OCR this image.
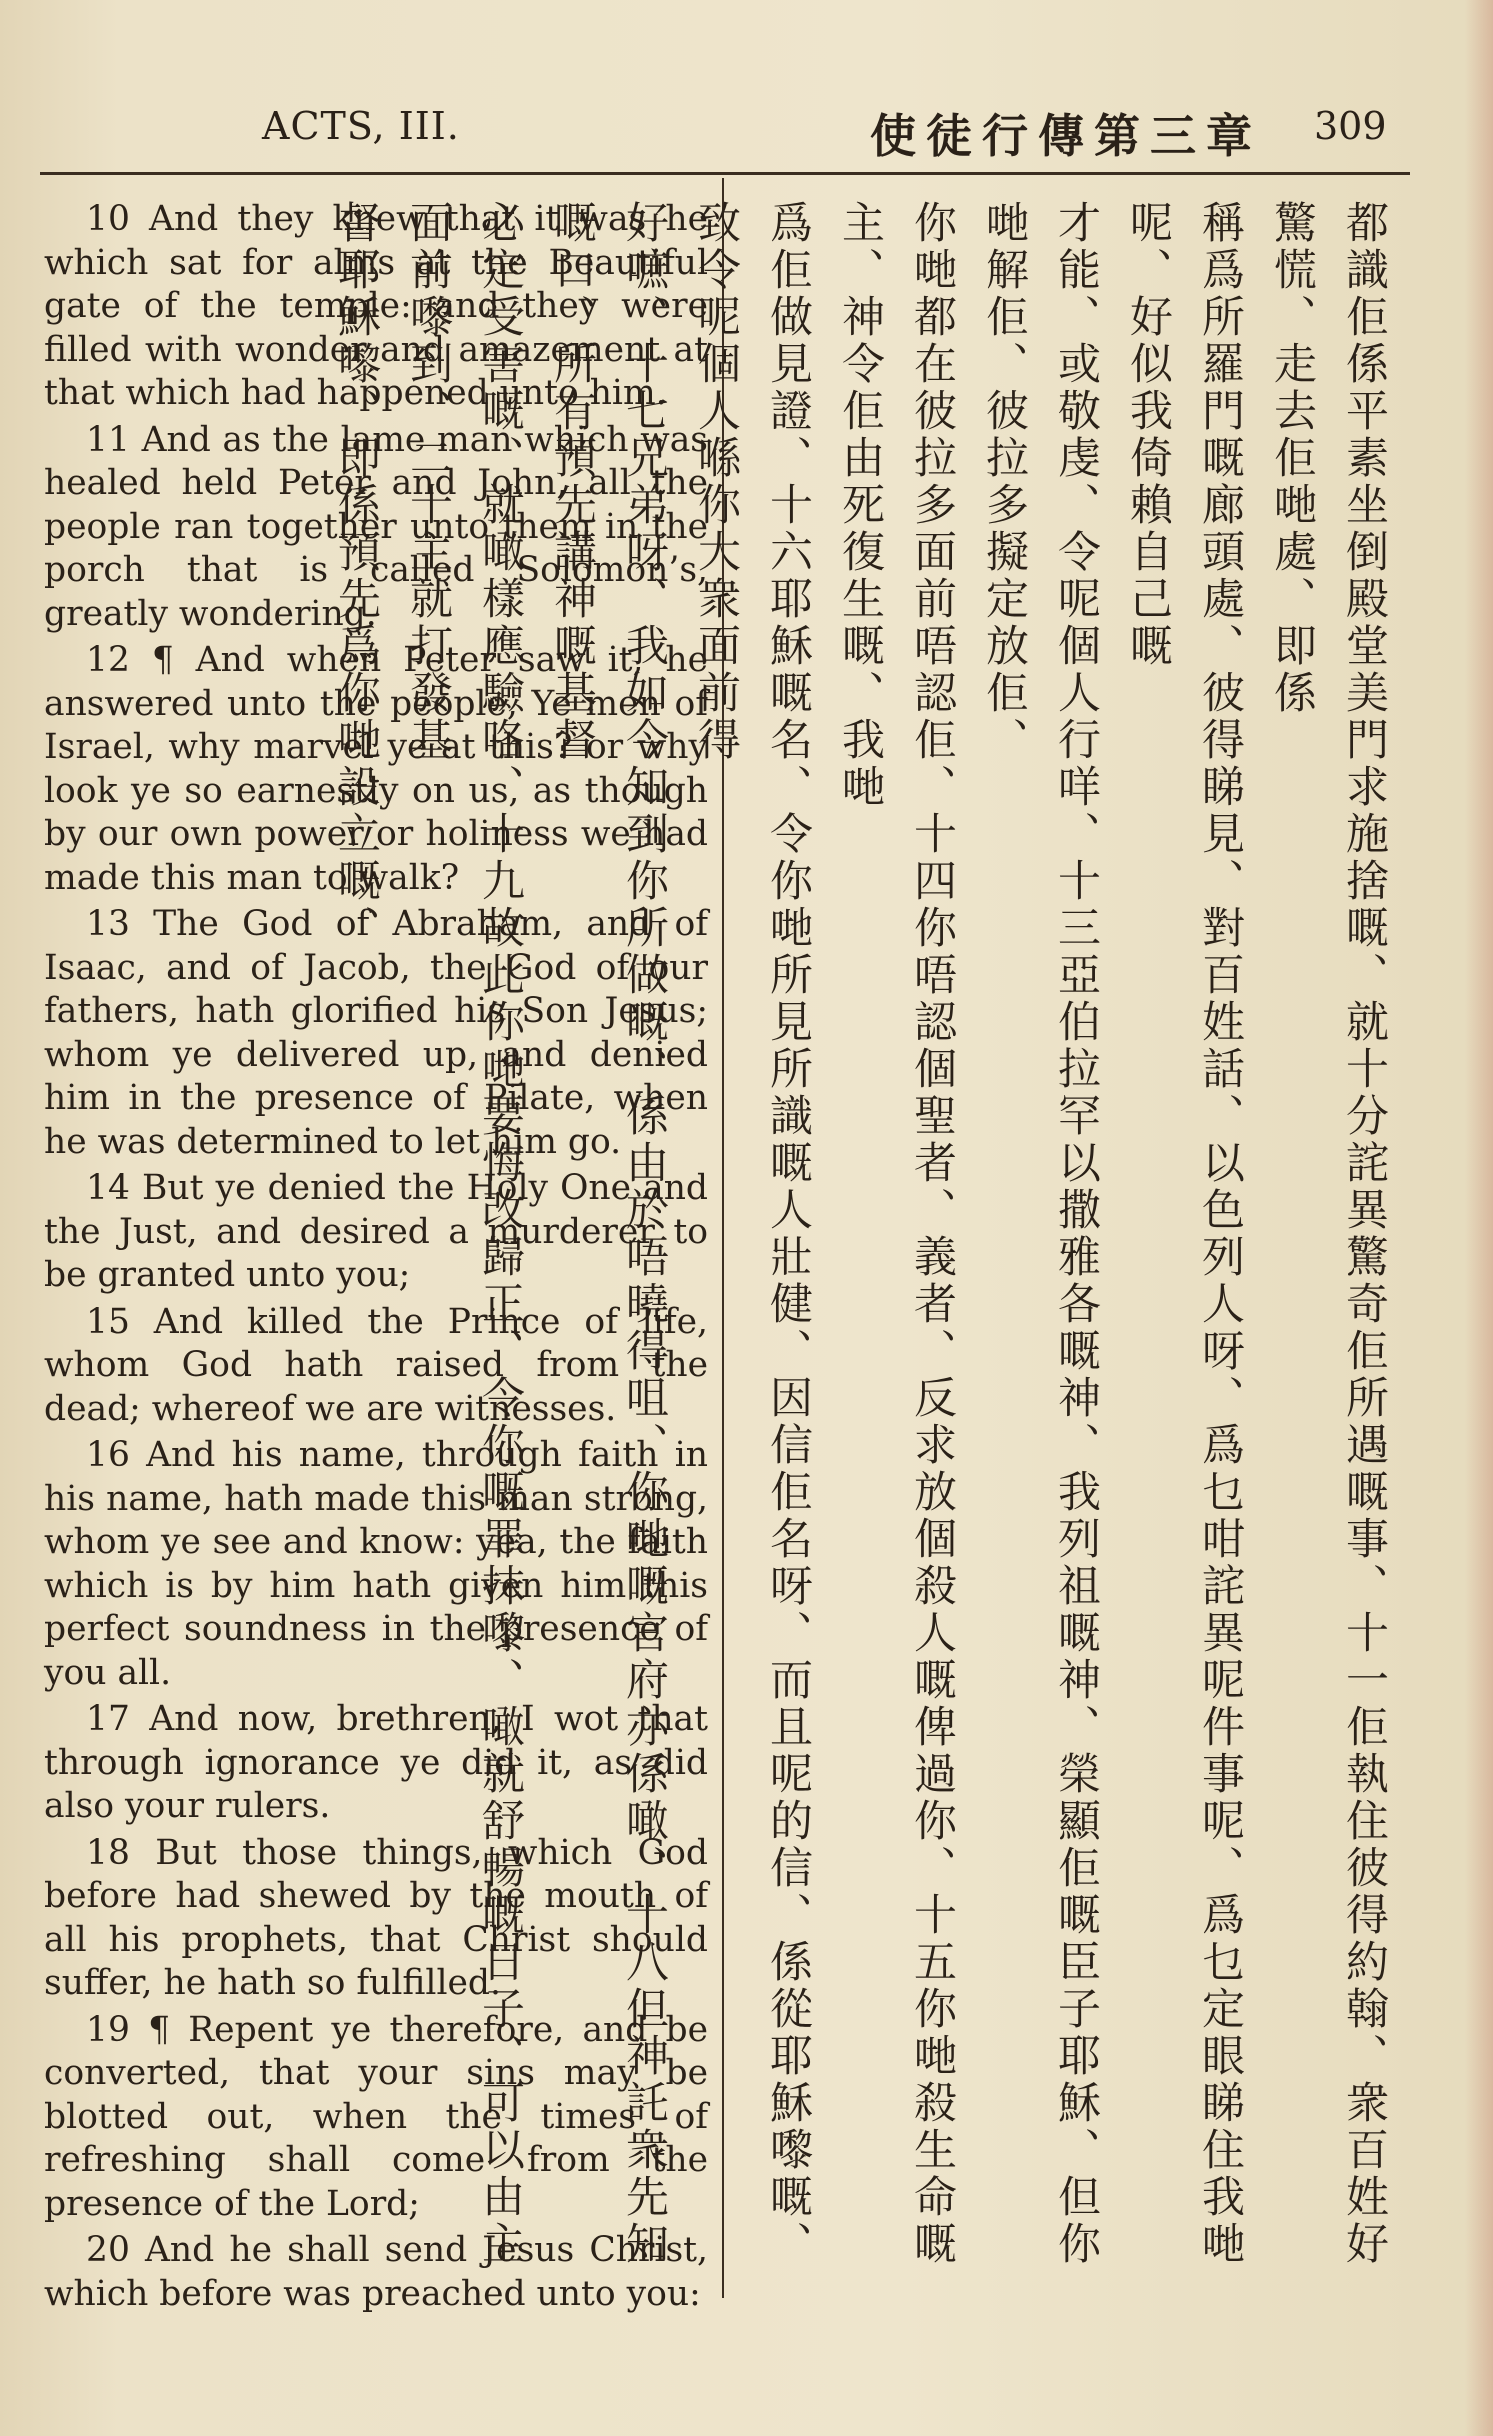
ACTS, III.	使徒行傳第三章 309

10 And they knew that it was he which sat for alms at the Beautiful gate of the temple: and they were filled with wonder and amazement at that which had happened unto him.

11 And as the lame man which was healed held Peter and John, all the people ran together unto them in the porch that is called Solomon’s, greatly wondering.

12 ¶ And when Peter saw it, he answered unto the people, Ye men of Israel, why marvel ye at this? or why look ye so earnestly on us, as though by our own power or holiness we had made this man to walk?

13 The God of Abraham, and of Isaac, and of Jacob, the God of our fathers, hath glorified his Son Jesus; whom ye delivered up, and denied him in the presence of Pilate, when he was determined to let him go.

14 But ye denied the Holy One and the Just, and desired a murderer to be granted unto you;

15 And killed the Prince of life, whom God hath raised from the dead; whereof we are witnesses.

16 And his name, through faith in his name, hath made this man strong, whom ye see and know: yea, the faith which is by him hath given him this perfect soundness in the presence of you all.

17 And now, brethren, I wot that through ignorance ye did it, as did also your rulers.

18 But those things, which God before had shewed by the mouth of all his prophets, that Christ should suffer, he hath so fulfilled.

19 ¶ Repent ye therefore, and be converted, that your sins may be blotted out, when the times of refreshing shall come from the presence of the Lord;

20 And he shall send Jesus Christ, which before was preached unto you:

都識佢係平素坐倒殿堂美門求施捨嘅、就十分詫異驚奇佢所遇嘅事、十一佢執住彼得約翰、衆百姓好驚慌、走去佢哋處、即係
稱爲所羅門嘅廊頭處、彼得睇見、對百姓話、以色列人呀、爲乜咁詫異呢件事呢、爲乜定眼睇住我哋呢、好似我倚賴自己嘅
才能、或敬虔、令呢個人行咩、十三亞伯拉罕以撒雅各嘅神、我列祖嘅神、榮顯佢嘅臣子耶穌、但你哋解佢、彼拉多擬定放佢、
你哋都在彼拉多面前唔認佢、十四你唔認個聖者、義者、反求放個殺人嘅俾過你、十五你哋殺生命嘅主、神令佢由死復生嘅、我哋
爲佢做見證、十六耶穌嘅名、令你哋所見所識嘅人壯健、因信佢名呀、而且呢的信、係從耶穌嚟嘅、致令呢個人喺你大衆面前得
好嗻、十七兄弟呀、我如今知到你所做嘅、係由於唔曉得咀、你哋嘅官府亦係噉、十八但神託衆先知嘅口、所有預先講神嘅基督
必定受害嘅、就噉樣應驗咯、十九故此你哋要悔改歸正、令你嘅罪抹嚟、噉就舒暢嘅日子、可以由主面前嚟到、二十主就打發基
督耶穌嚟、即係預先爲你哋設立嘅、
